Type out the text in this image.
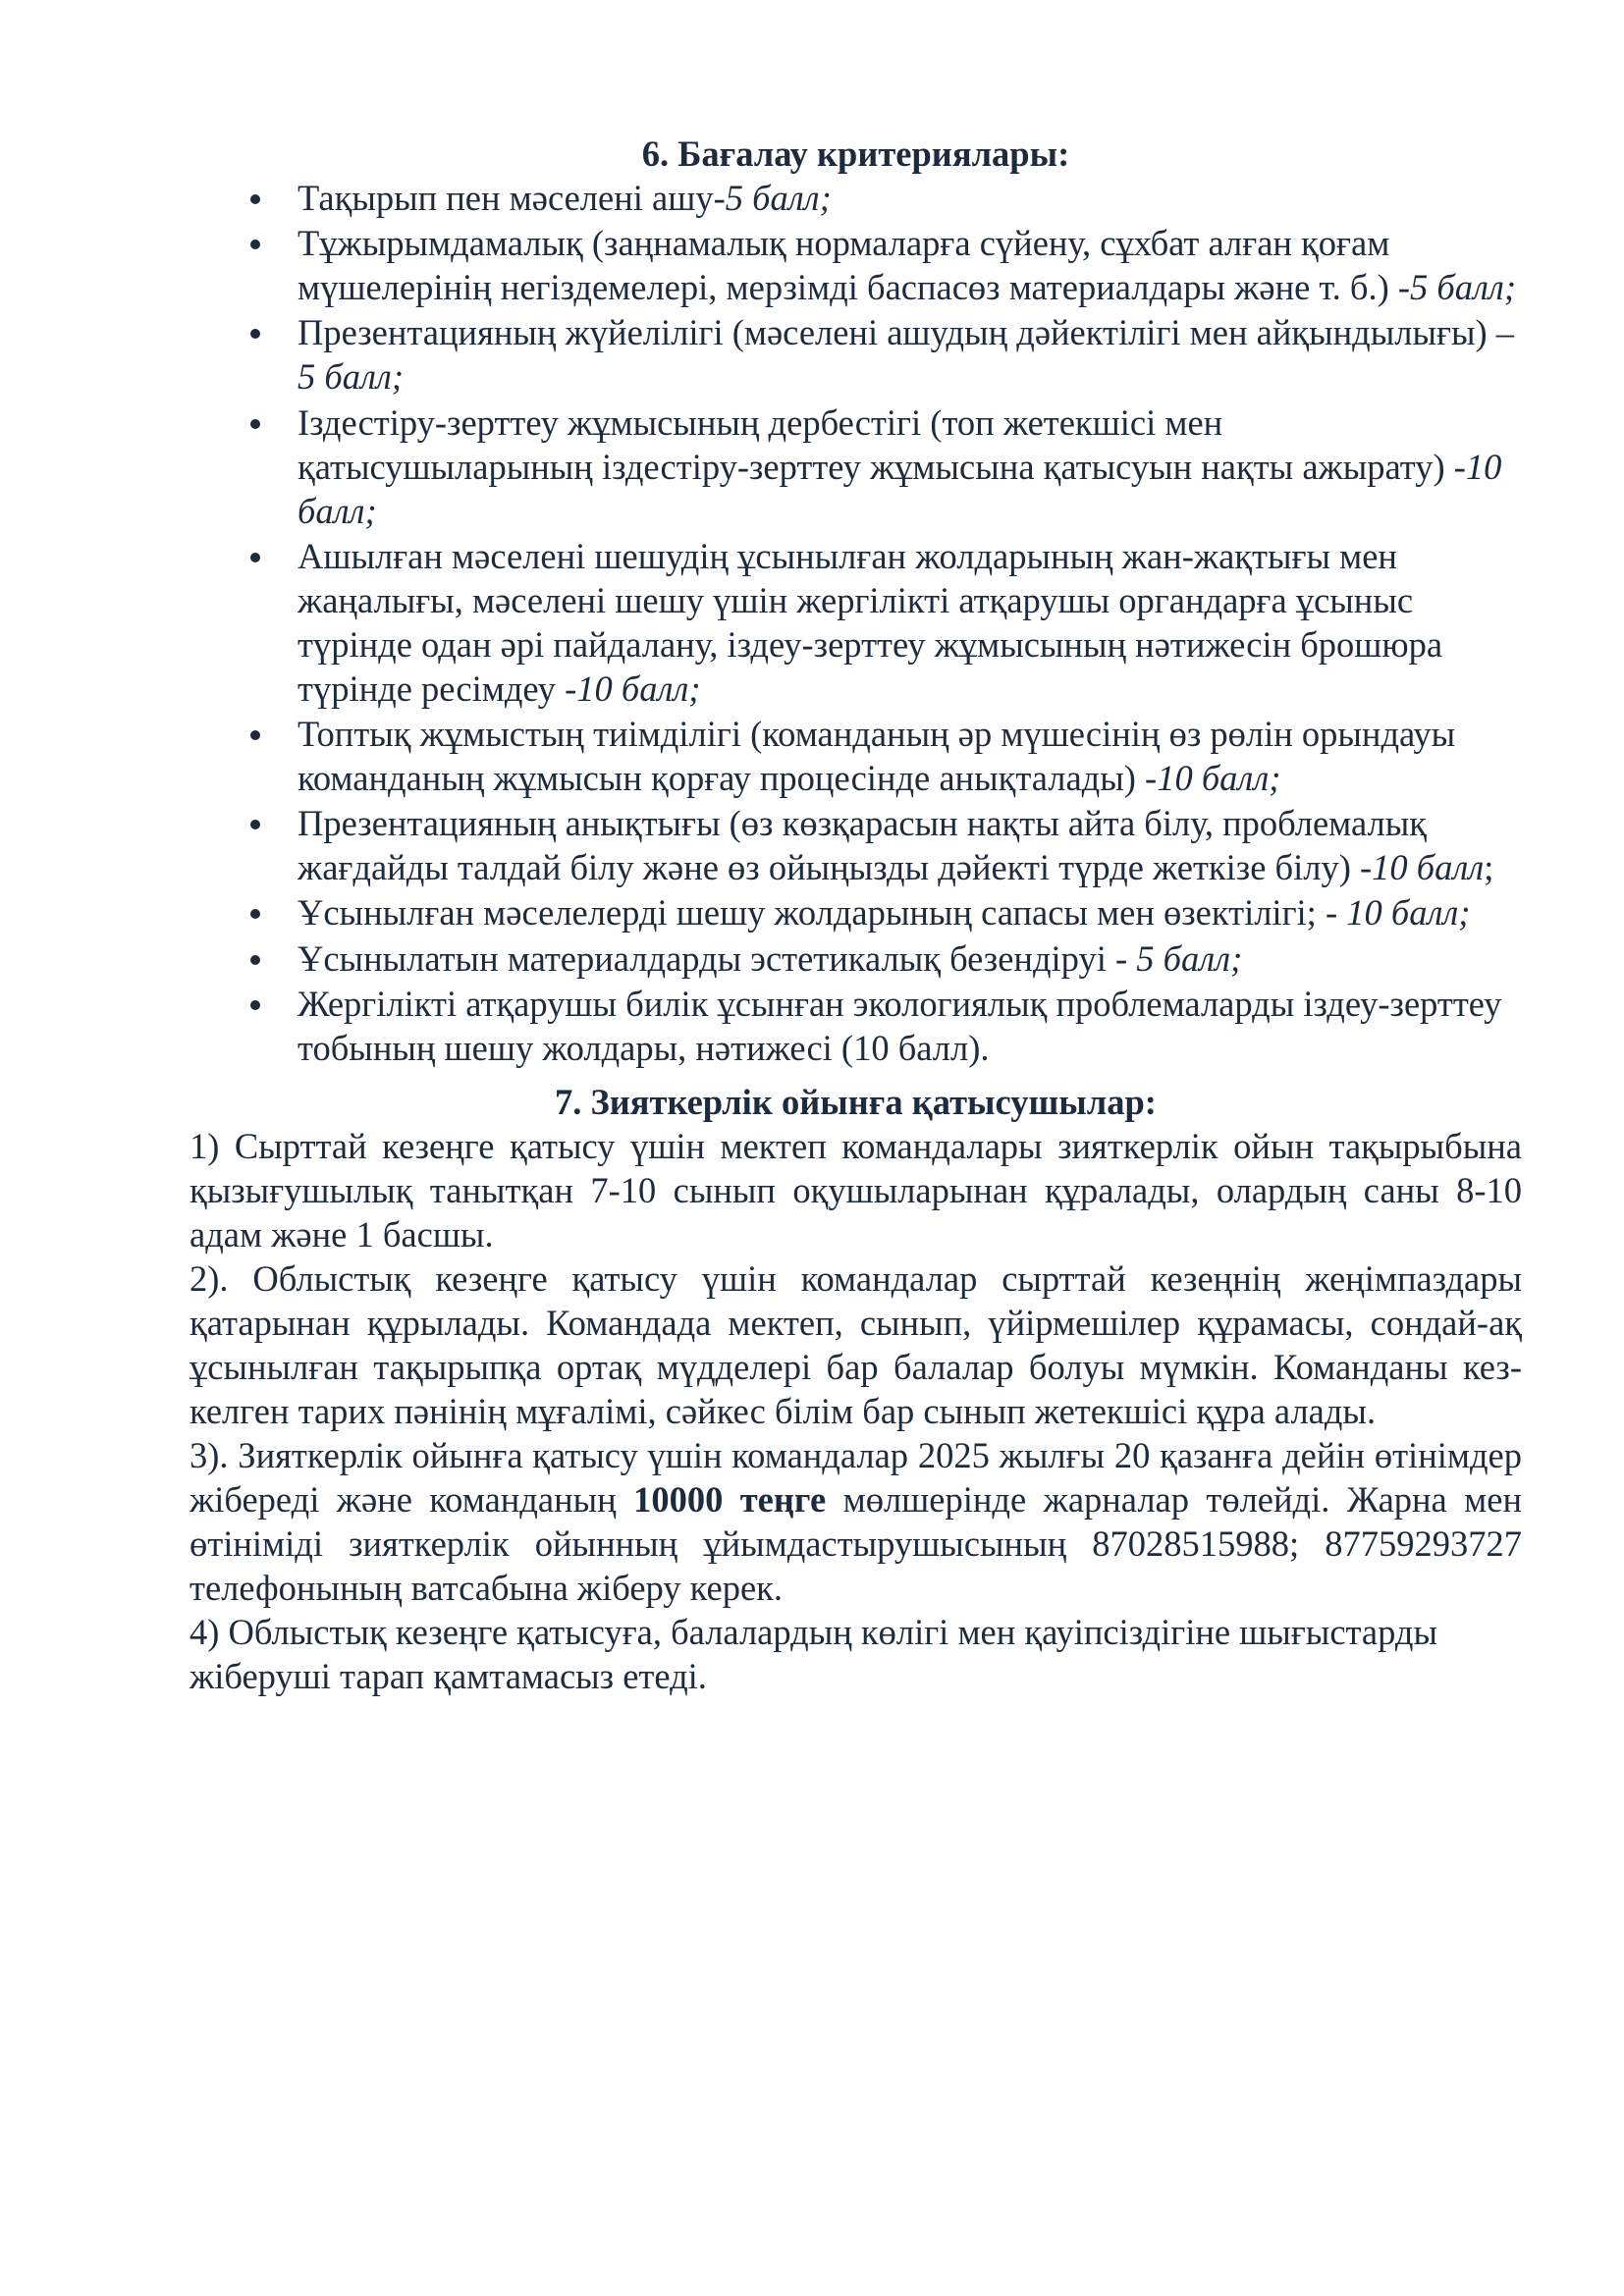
6. Бағалау критериялары:

Тақырып пен мәселені ашу-5 балл;
Тұжырымдамалық (заңнамалық нормаларға сүйену, сұхбат алған қоғам мүшелерінің негіздемелері, мерзімді баспасөз материалдары және т. б.) -5 балл;
Презентацияның жүйелілігі (мәселені ашудың дәйектілігі мен айқындылығы) – 5 балл;
Іздестіру-зерттеу жұмысының дербестігі (топ жетекшісі мен қатысушыларының іздестіру-зерттеу жұмысына қатысуын нақты ажырату) -10 балл;
Ашылған мәселені шешудің ұсынылған жолдарының жан-жақтығы мен жаңалығы, мәселені шешу үшін жергілікті атқарушы органдарға ұсыныс түрінде одан әрі пайдалану, іздеу-зерттеу жұмысының нәтижесін брошюра түрінде ресімдеу -10 балл;
Топтық жұмыстың тиімділігі (команданың әр мүшесінің өз рөлін орындауы команданың жұмысын қорғау процесінде анықталады) -10 балл;
Презентацияның анықтығы (өз көзқарасын нақты айта білу, проблемалық жағдайды талдай білу және өз ойыңызды дәйекті түрде жеткізе білу) -10 балл;
Ұсынылған мәселелерді шешу жолдарының сапасы мен өзектілігі; - 10 балл;
Ұсынылатын материалдарды эстетикалық безендіруі - 5 балл;
Жергілікті атқарушы билік ұсынған экологиялық проблемаларды іздеу-зерттеу тобының шешу жолдары, нәтижесі (10 балл).

7. Зияткерлік ойынға қатысушылар:

1) Сырттай кезеңге қатысу үшін мектеп командалары зияткерлік ойын тақырыбына қызығушылық танытқан 7-10 сынып оқушыларынан құралады, олардың саны 8-10 адам және 1 басшы.

2). Облыстық кезеңге қатысу үшін командалар сырттай кезеңнің жеңімпаздары қатарынан құрылады. Командада мектеп, сынып, үйірмешілер құрамасы, сондай-ақ ұсынылған тақырыпқа ортақ мүдделері бар балалар болуы мүмкін. Команданы кез-келген тарих пәнінің мұғалімі, сәйкес білім бар сынып жетекшісі құра алады.

3). Зияткерлік ойынға қатысу үшін командалар 2025 жылғы 20 қазанға дейін өтінімдер жібереді және команданың 10000 теңге мөлшерінде жарналар төлейді. Жарна мен өтініміді зияткерлік ойынның ұйымдастырушысының 87028515988; 87759293727 телефонының ватсабына жіберу керек.

4) Облыстық кезеңге қатысуға, балалардың көлігі мен қауіпсіздігіне шығыстарды жіберуші тарап қамтамасыз етеді.
